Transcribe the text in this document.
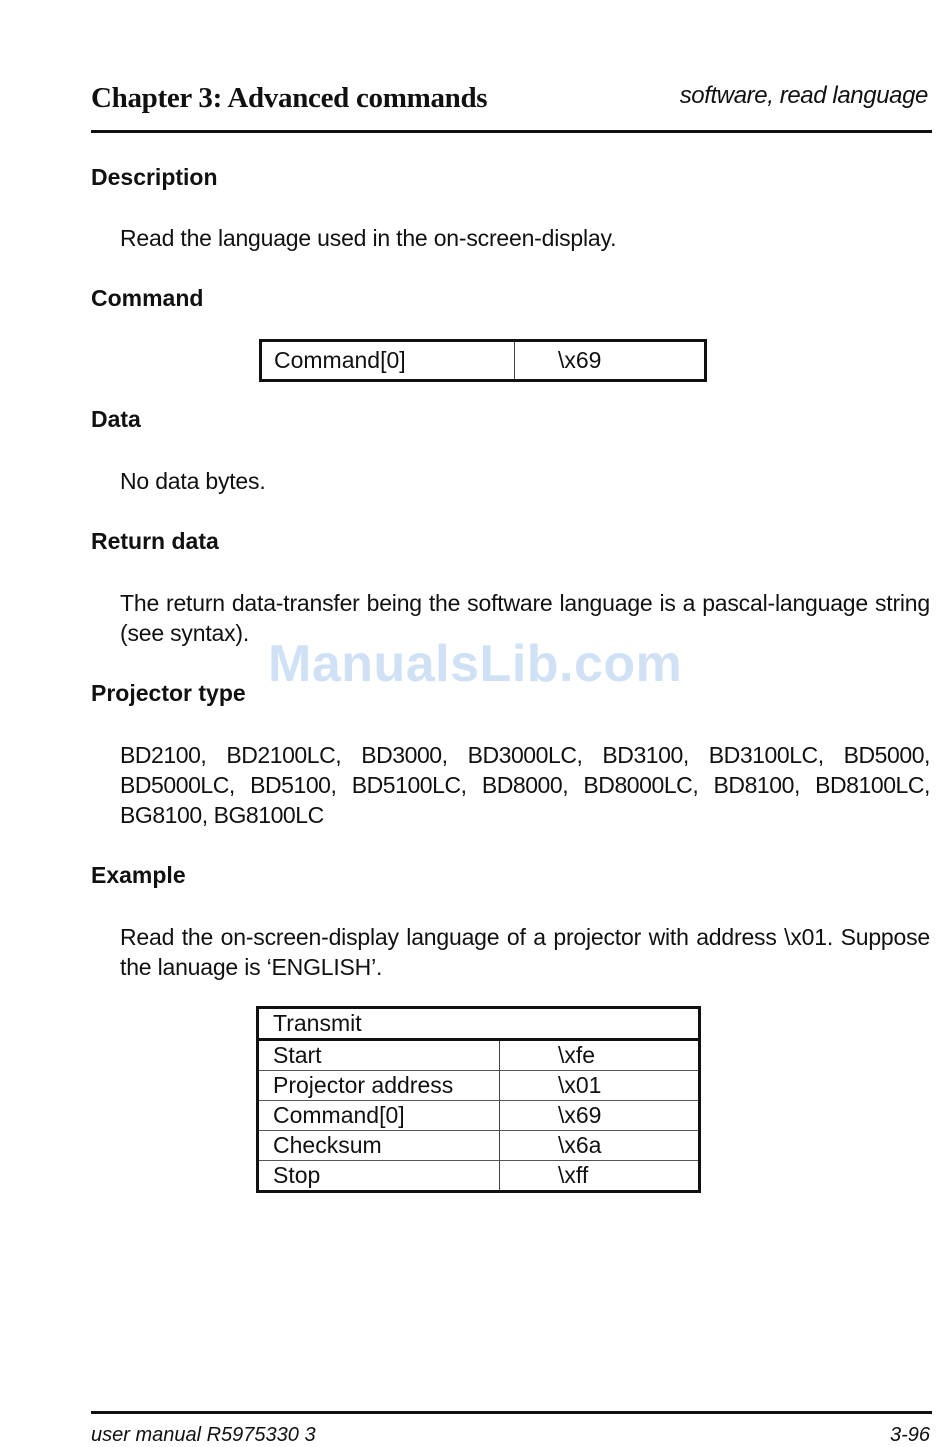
Chapter 3: Advanced commands	software, read language
Description
Read the language used in the on-screen-display.
Command
Command[0]	\x69
Data
No data bytes.
Return data
The return data-transfer being the software language is a pascal-language string (see syntax).
Projector type
BD2100, BD2100LC, BD3000, BD3000LC, BD3100, BD3100LC, BD5000, BD5000LC, BD5100, BD5100LC, BD8000, BD8000LC, BD8100, BD8100LC, BG8100, BG8100LC
Example
Read the on-screen-display language of a projector with address \x01. Suppose the lanuage is ‘ENGLISH’.
Transmit	
Start	\xfe
Projector address	\x01
Command[0]	\x69
Checksum	\x6a
Stop	\xff
ManualsLib.com
user manual R5975330 3	3-96
